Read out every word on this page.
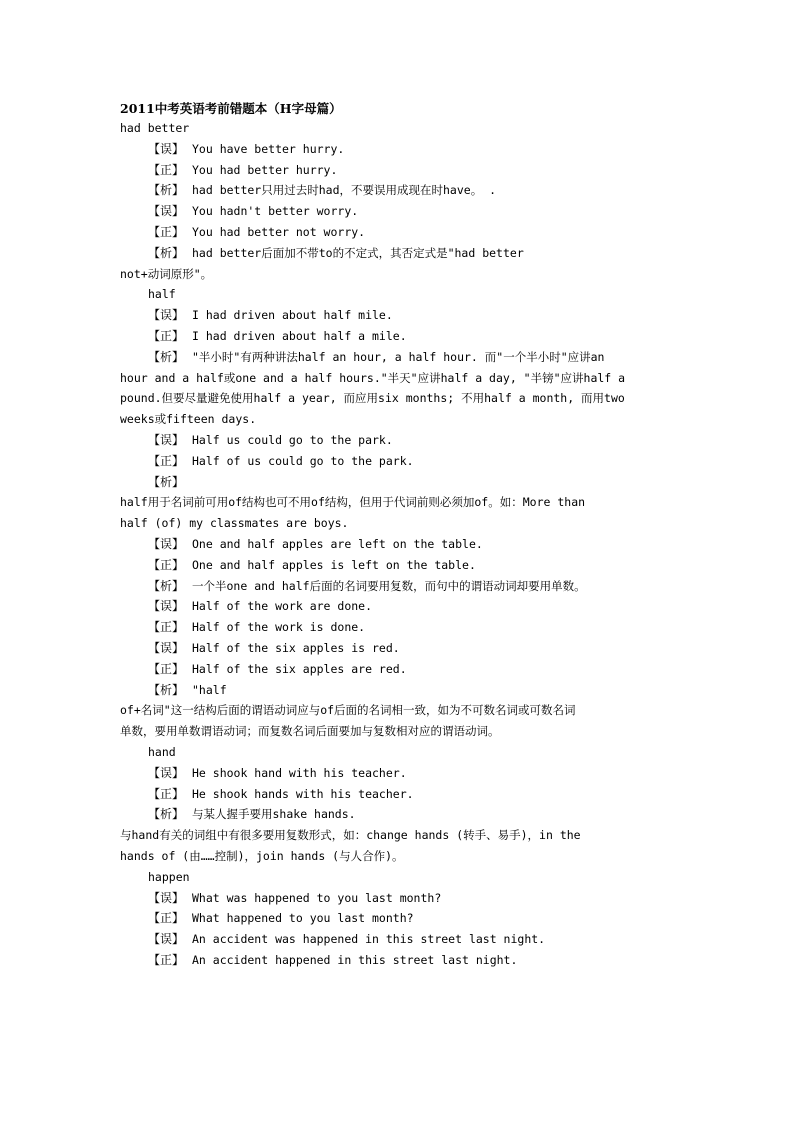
2011中考英语考前错题本（H字母篇）
had better
【误】 You have better hurry.
【正】 You had better hurry.
【析】 had better只用过去时had，不要误用成现在时have。 .
【误】 You hadn't better worry.
【正】 You had better not worry.
【析】 had better后面加不带to的不定式，其否定式是"had better
not+动词原形"。
half
【误】 I had driven about half mile.
【正】 I had driven about half a mile.
【析】 "半小时"有两种讲法half an hour, a half hour. 而"一个半小时"应讲an
hour and a half或one and a half hours."半天"应讲half a day, "半镑"应讲half a
pound.但要尽量避免使用half a year, 而应用six months; 不用half a month, 而用two
weeks或fifteen days.
【误】 Half us could go to the park.
【正】 Half of us could go to the park.
【析】
half用于名词前可用of结构也可不用of结构，但用于代词前则必须加of。如：More than
half (of) my classmates are boys.
【误】 One and half apples are left on the table.
【正】 One and half apples is left on the table.
【析】 一个半one and half后面的名词要用复数，而句中的谓语动词却要用单数。
【误】 Half of the work are done.
【正】 Half of the work is done.
【误】 Half of the six apples is red.
【正】 Half of the six apples are red.
【析】 "half
of+名词"这一结构后面的谓语动词应与of后面的名词相一致，如为不可数名词或可数名词
单数，要用单数谓语动词；而复数名词后面要加与复数相对应的谓语动词。
hand
【误】 He shook hand with his teacher.
【正】 He shook hands with his teacher.
【析】 与某人握手要用shake hands.
与hand有关的词组中有很多要用复数形式，如：change hands (转手、易手)，in the
hands of (由……控制)，join hands (与人合作)。
happen
【误】 What was happened to you last month?
【正】 What happened to you last month?
【误】 An accident was happened in this street last night.
【正】 An accident happened in this street last night.
